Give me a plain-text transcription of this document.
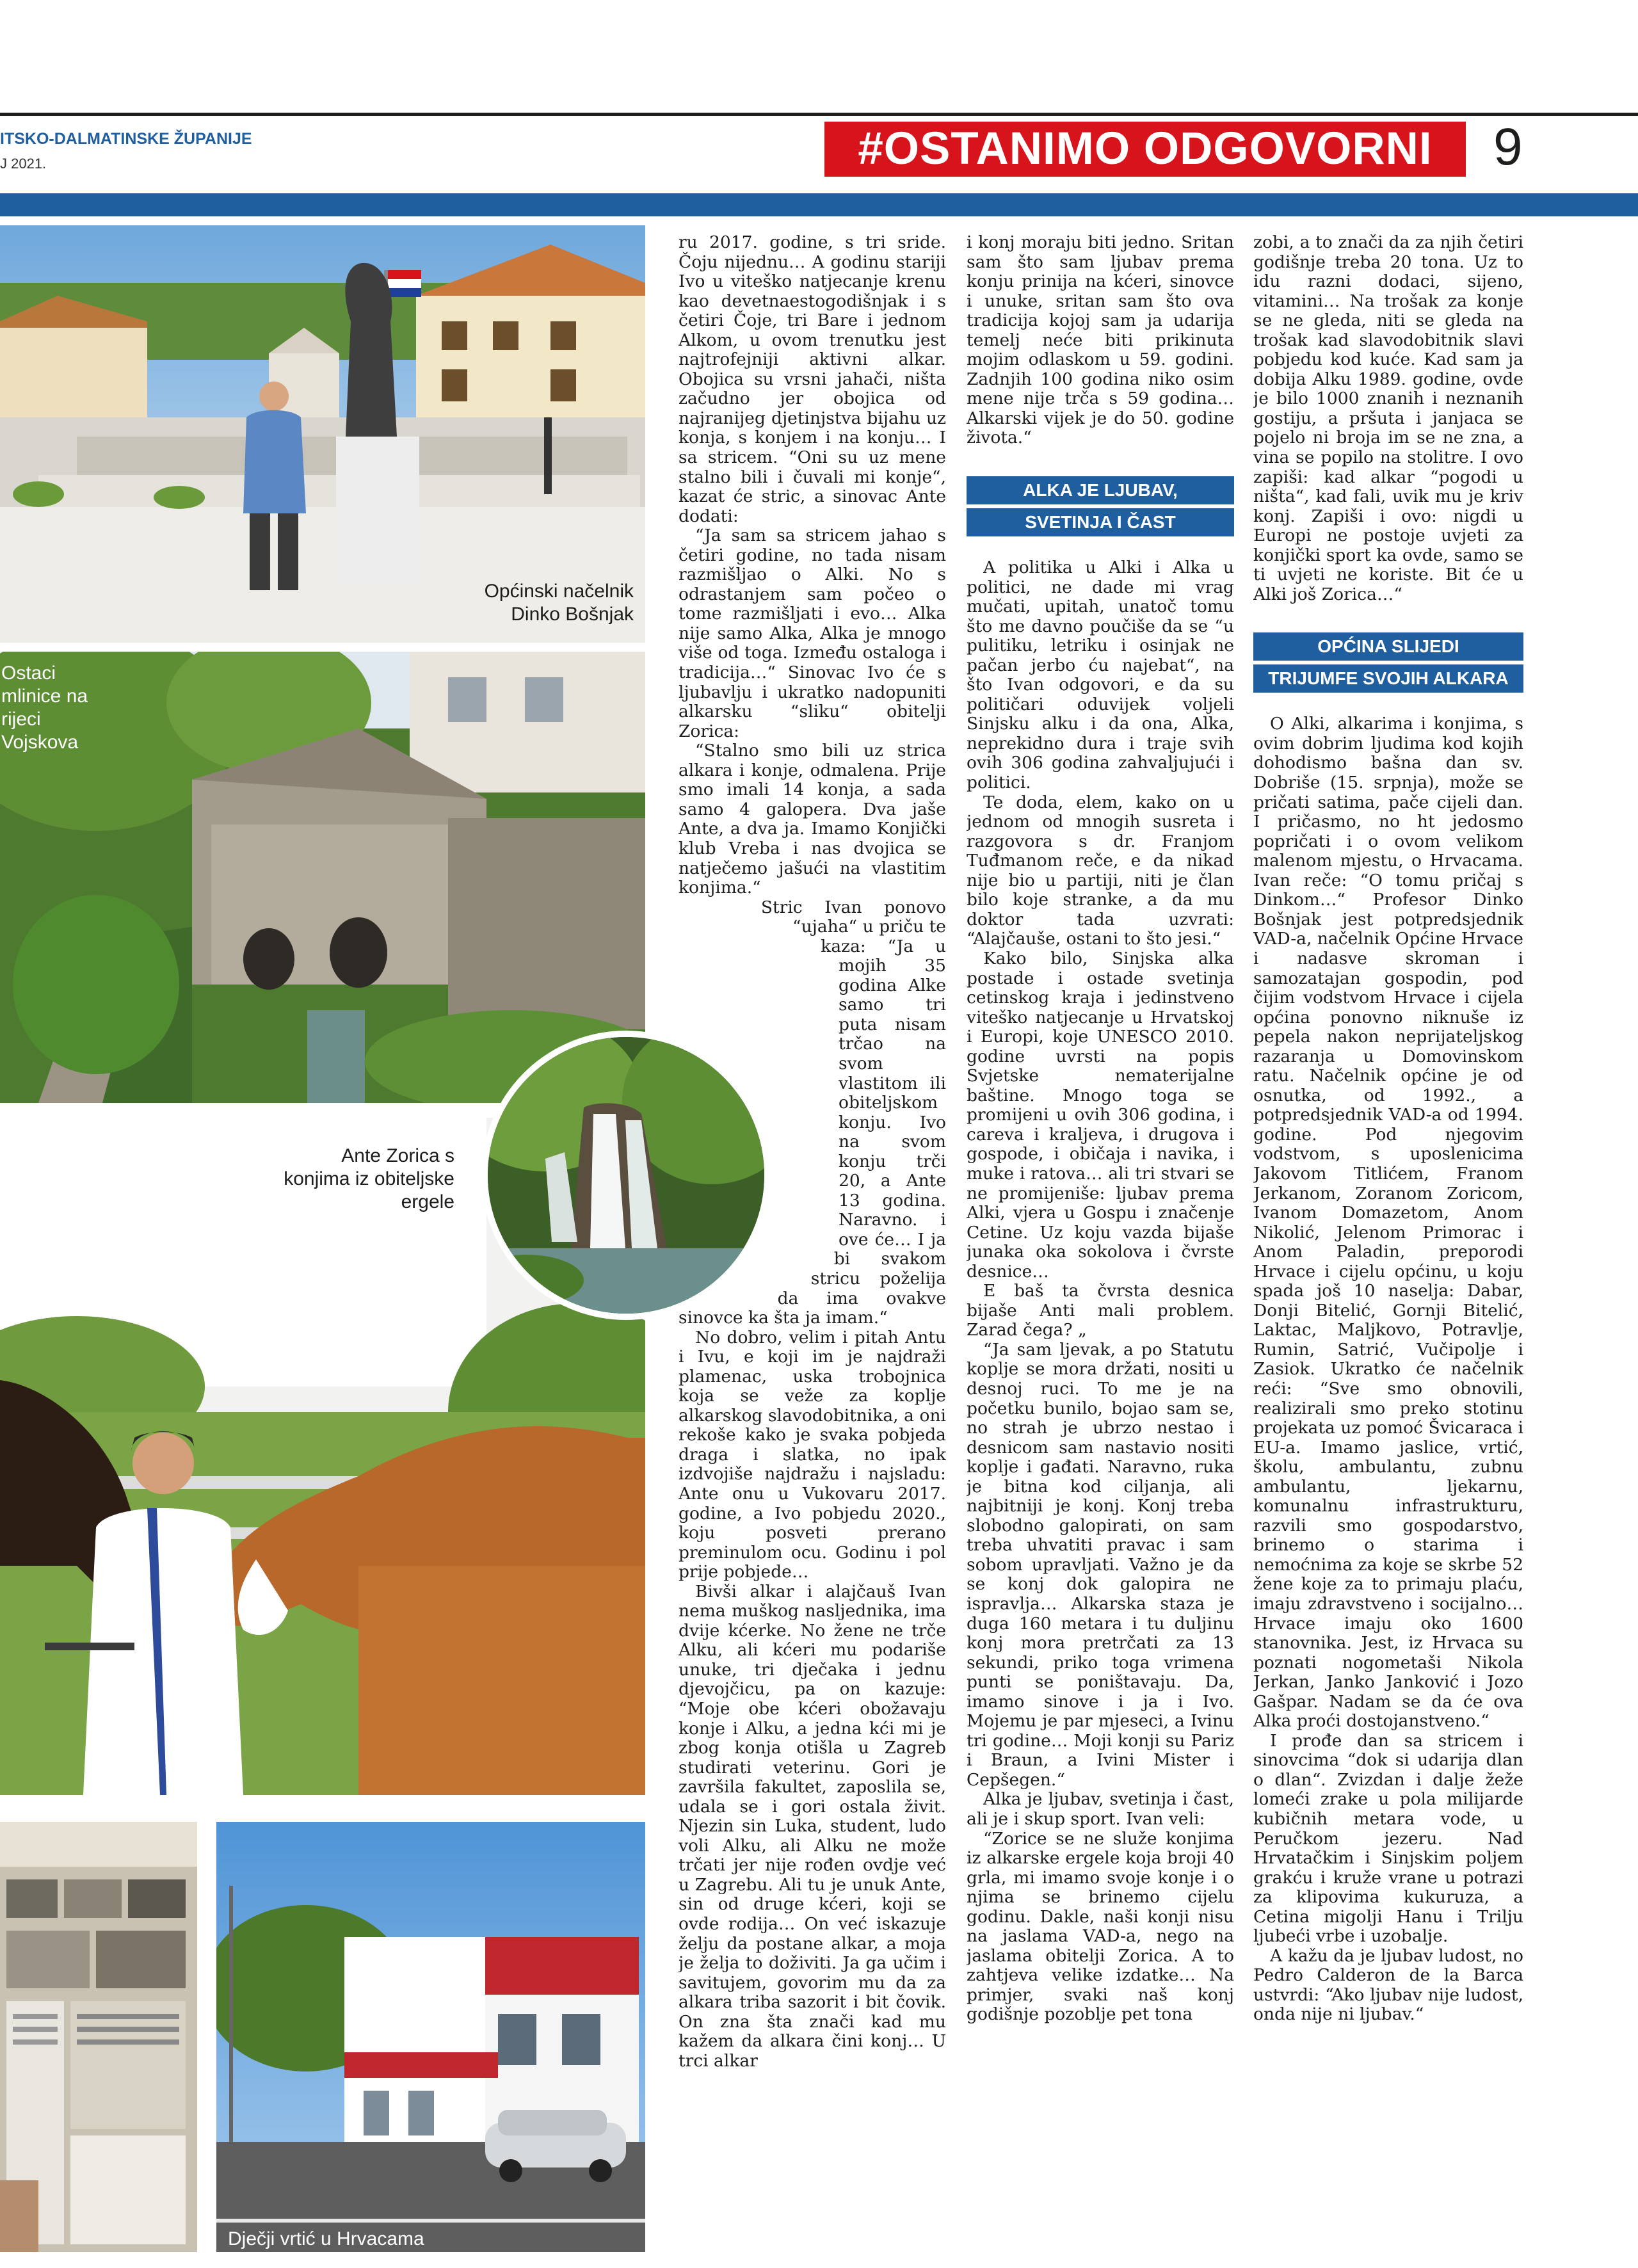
ITSKO-DALMATINSKE ŽUPANIJE
J 2021.	#OSTANIMO ODGOVORNI	9
Općinski načelnik Dinko Bošnjak
Ostaci mlinice na rijeci Vojskova
Ante Zorica s konjima iz obiteljske ergele
Dječji vrtić u Hrvacama

ru 2017. godine, s tri sride. Čoju nijednu… A godinu stariji Ivo u viteško natjecanje krenu kao devetnaestogodišnjak i s četiri Čoje, tri Bare i jednom Alkom, u ovom trenutku jest najtrofejniji aktivni alkar. Obojica su vrsni jahači, ništa začudno jer obojica od najranijeg djetinjstva bijahu uz konja, s konjem i na konju… I sa stricem. “Oni su uz mene stalno bili i čuvali mi konje“, kazat će stric, a sinovac Ante dodati:

“Ja sam sa stricem jahao s četiri godine, no tada nisam razmišljao o Alki. No s odrastanjem sam počeo o tome razmišljati i evo… Alka nije samo Alka, Alka je mnogo više od toga. Između ostaloga i tradicija…“ Sinovac Ivo će s ljubavlju i ukratko nadopuniti alkarsku “sliku“ obitelji Zorica:

“Stalno smo bili uz strica alkara i konje, odmalena. Prije smo imali 14 konja, a sada samo 4 galopera. Dva jaše Ante, a dva ja. Imamo Konjički klub Vreba i nas dvojica se natječemo jašući na vlastitim konjima.“

Stric Ivan ponovo “ujaha“ u priču te kaza: “Ja u mojih 35 godina Alke samo tri puta nisam trčao na svom vlastitom ili obiteljskom konju. Ivo na svom konju trči 20, a Ante 13 godina. Naravno. i ove će… I ja bi svakom stricu poželija da ima ovakve sinovce ka šta ja imam.“

No dobro, velim i pitah Antu i Ivu, e koji im je najdraži plamenac, uska trobojnica koja se veže za koplje alkarskog slavodobitnika, a oni rekoše kako je svaka pobjeda draga i slatka, no ipak izdvojiše najdražu i najsladu: Ante onu u Vukovaru 2017. godine, a Ivo pobjedu 2020., koju posveti prerano preminulom ocu. Godinu i pol prije pobjede…

Bivši alkar i alajčauš Ivan nema muškog nasljednika, ima dvije kćerke. No žene ne trče Alku, ali kćeri mu podariše unuke, tri dječaka i jednu djevojčicu, pa on kazuje: “Moje obe kćeri obožavaju konje i Alku, a jedna kći mi je zbog konja otišla u Zagreb studirati veterinu. Gori je završila fakultet, zaposlila se, udala se i gori ostala živit. Njezin sin Luka, student, ludo voli Alku, ali Alku ne može trčati jer nije rođen ovdje već u Zagrebu. Ali tu je unuk Ante, sin od druge kćeri, koji se ovde rodija… On već iskazuje želju da postane alkar, a moja je želja to doživiti. Ja ga učim i savitujem, govorim mu da za alkara triba sazorit i bit čovik. On zna šta znači kad mu kažem da alkara čini konj… U trci alkar

i konj moraju biti jedno. Sritan sam što sam ljubav prema konju prinija na kćeri, sinovce i unuke, sritan sam što ova tradicija kojoj sam ja udarija temelj neće biti prikinuta mojim odlaskom u 59. godini. Zadnjih 100 godina niko osim mene nije trča s 59 godina… Alkarski vijek je do 50. godine života.“

ALKA JE LJUBAV,
SVETINJA I ČAST

A politika u Alki i Alka u politici, ne dade mi vrag mučati, upitah, unatoč tomu što me davno poučiše da se “u pulitiku, letriku i osinjak ne pačan jerbo ću najebat“, na što Ivan odgovori, e da su političari oduvijek voljeli Sinjsku alku i da ona, Alka, neprekidno dura i traje svih ovih 306 godina zahvaljujući i politici.

Te doda, elem, kako on u jednom od mnogih susreta i razgovora s dr. Franjom Tuđmanom reče, e da nikad nije bio u partiji, niti je član bilo koje stranke, a da mu doktor tada uzvrati: “Alajčauše, ostani to što jesi.“

Kako bilo, Sinjska alka postade i ostade svetinja cetinskog kraja i jedinstveno viteško natjecanje u Hrvatskoj i Europi, koje UNESCO 2010. godine uvrsti na popis Svjetske nematerijalne baštine. Mnogo toga se promijeni u ovih 306 godina, i careva i kraljeva, i drugova i gospode, i običaja i navika, i muke i ratova… ali tri stvari se ne promijeniše: ljubav prema Alki, vjera u Gospu i značenje Cetine. Uz koju vazda bijaše junaka oka sokolova i čvrste desnice…

E baš ta čvrsta desnica bijaše Anti mali problem. Zarad čega? „

“Ja sam ljevak, a po Statutu koplje se mora držati, nositi u desnoj ruci. To me je na početku bunilo, bojao sam se, no strah je ubrzo nestao i desnicom sam nastavio nositi koplje i gađati. Naravno, ruka je bitna kod ciljanja, ali najbitniji je konj. Konj treba slobodno galopirati, on sam treba uhvatiti pravac i sam sobom upravljati. Važno je da se konj dok galopira ne ispravlja… Alkarska staza je duga 160 metara i tu duljinu konj mora pretrčati za 13 sekundi, priko toga vrimena punti se poništavaju. Da, imamo sinove i ja i Ivo. Mojemu je par mjeseci, a Ivinu tri godine… Moji konji su Pariz i Braun, a Ivini Mister i Cepšegen.“

Alka je ljubav, svetinja i čast, ali je i skup sport. Ivan veli:

“Zorice se ne služe konjima iz alkarske ergele koja broji 40 grla, mi imamo svoje konje i o njima se brinemo cijelu godinu. Dakle, naši konji nisu na jaslama VAD-a, nego na jaslama obitelji Zorica. A to zahtjeva velike izdatke… Na primjer, svaki naš konj godišnje pozoblje pet tona

zobi, a to znači da za njih četiri godišnje treba 20 tona. Uz to idu razni dodaci, sijeno, vitamini… Na trošak za konje se ne gleda, niti se gleda na trošak kad slavodobitnik slavi pobjedu kod kuće. Kad sam ja dobija Alku 1989. godine, ovde je bilo 1000 znanih i neznanih gostiju, a pršuta i janjaca se pojelo ni broja im se ne zna, a vina se popilo na stolitre. I ovo zapiši: kad alkar “pogodi u ništa“, kad fali, uvik mu je kriv konj. Zapiši i ovo: nigdi u Europi ne postoje uvjeti za konjički sport ka ovde, samo se ti uvjeti ne koriste. Bit će u Alki još Zorica…“

OPĆINA SLIJEDI
TRIJUMFE SVOJIH ALKARA

O Alki, alkarima i konjima, s ovim dobrim ljudima kod kojih dohodismo bašna dan sv. Dobriše (15. srpnja), može se pričati satima, pače cijeli dan. I pričasmo, no ht jedosmo popričati i o ovom velikom malenom mjestu, o Hrvacama. Ivan reče: “O tomu pričaj s Dinkom…“ Profesor Dinko Bošnjak jest potpredsjednik VAD-a, načelnik Općine Hrvace i nadasve skroman i samozatajan gospodin, pod čijim vodstvom Hrvace i cijela općina ponovno niknuše iz pepela nakon neprijateljskog razaranja u Domovinskom ratu. Načelnik općine je od osnutka, od 1992., a potpredsjednik VAD-a od 1994. godine. Pod njegovim vodstvom, s uposlenicima Jakovom Titlićem, Franom Jerkanom, Zoranom Zoricom, Ivanom Domazetom, Anom Nikolić, Jelenom Primorac i Anom Paladin, preporodi Hrvace i cijelu općinu, u koju spada još 10 naselja: Dabar, Donji Bitelić, Gornji Bitelić, Laktac, Maljkovo, Potravlje, Rumin, Satrić, Vučipolje i Zasiok. Ukratko će načelnik reći: “Sve smo obnovili, realizirali smo preko stotinu projekata uz pomoć Švicaraca i EU-a. Imamo jaslice, vrtić, školu, ambulantu, zubnu ambulantu, ljekarnu, komunalnu infrastrukturu, razvili smo gospodarstvo, brinemo o starima i nemoćnima za koje se skrbe 52 žene koje za to primaju plaću, imaju zdravstveno i socijalno… Hrvace imaju oko 1600 stanovnika. Jest, iz Hrvaca su poznati nogometaši Nikola Jerkan, Janko Janković i Jozo Gašpar. Nadam se da će ova Alka proći dostojanstveno.“

I prođe dan sa stricem i sinovcima “dok si udarija dlan o dlan“. Zvizdan i dalje žeže lomeći zrake u pola milijarde kubičnih metara vode, u Peručkom jezeru. Nad Hrvatačkim i Sinjskim poljem grakću i kruže vrane u potrazi za klipovima kukuruza, a Cetina migolji Hanu i Trilju ljubeći vrbe i uzobalje.

A kažu da je ljubav ludost, no Pedro Calderon de la Barca ustvrdi: “Ako ljubav nije ludost, onda nije ni ljubav.“
